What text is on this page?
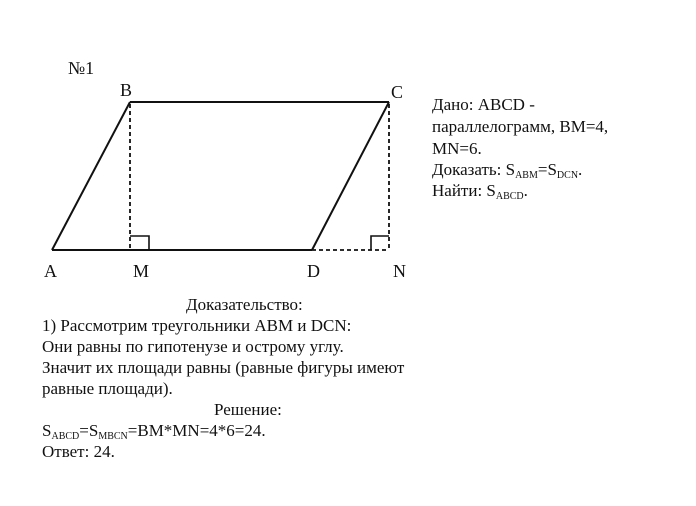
№1
B	C
A	M	D	N
Дано: ABCD -
параллелограмм, BM=4,
MN=6.
Доказать: $S_{ABM}=S_{DCN}$.
Найти: $S_{ABCD}$.
Доказательство:
1) Рассмотрим треугольники ABM и DCN:
Они равны по гипотенузе и острому углу.
Значит их площади равны (равные фигуры имеют
равные площади).
Решение:
$S_{ABCD}=S_{MBCN}=BM*MN=4*6=24$.
Ответ: 24.
